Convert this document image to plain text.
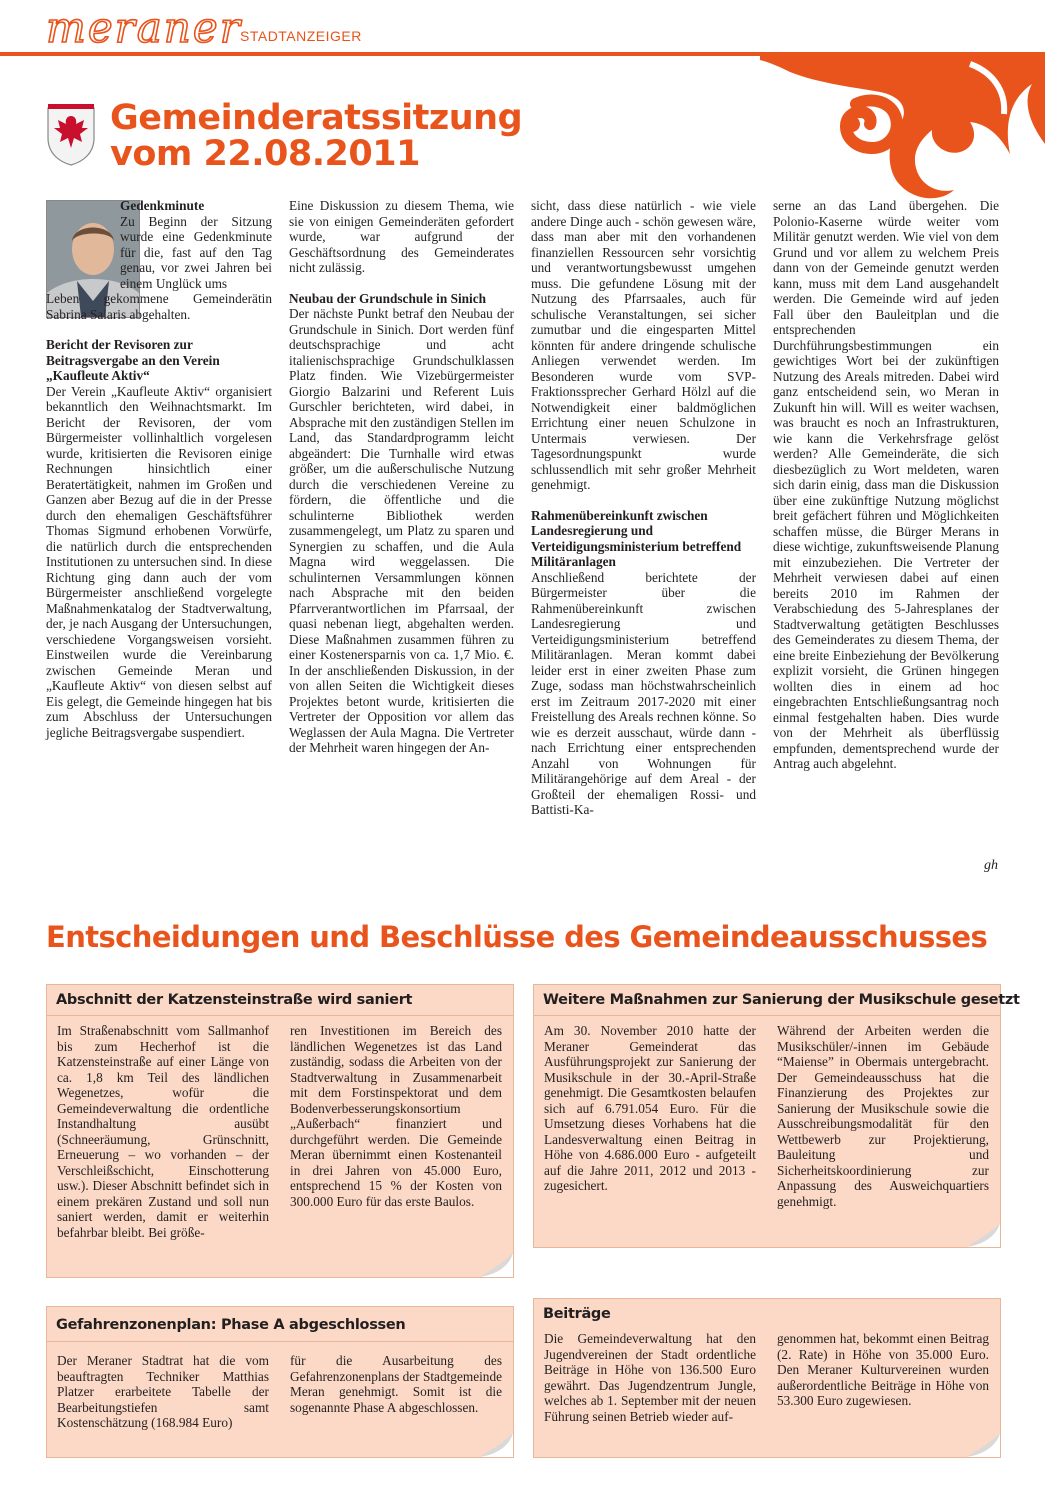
meraner
STADTANZEIGER
Gemeinderatssitzung
vom 22.08.2011
Gedenkminute

Zu Beginn der Sitzung wurde eine Gedenkminute für die, fast auf den Tag genau, vor zwei Jahren bei einem Unglück ums

Leben gekommene Gemeinderätin Sabrina Salaris abgehalten.

Bericht der Revisoren zur Beitragsvergabe an den Verein „Kaufleute Aktiv“

Der Verein „Kaufleute Aktiv“ organisiert bekanntlich den Weihnachtsmarkt. Im Bericht der Revisoren, der vom Bürgermeister vollinhaltlich vorgelesen wurde, kritisierten die Revisoren einige Rechnungen hinsichtlich einer Beratertätigkeit, nahmen im Großen und Ganzen aber Bezug auf die in der Presse durch den ehemaligen Geschäftsführer Thomas Sigmund erhobenen Vorwürfe, die natürlich durch die entsprechenden Institutionen zu untersuchen sind. In diese Richtung ging dann auch der vom Bürgermeister anschließend vorgelegte Maßnahmenkatalog der Stadtverwaltung, der, je nach Ausgang der Untersuchungen, verschiedene Vorgangsweisen vorsieht. Einstweilen wurde die Vereinbarung zwischen Gemeinde Meran und „Kaufleute Aktiv“ von diesen selbst auf Eis gelegt, die Gemeinde hingegen hat bis zum Abschluss der Untersuchungen jegliche Beitragsvergabe suspendiert.

Eine Diskussion zu diesem Thema, wie sie von einigen Gemeinderäten gefordert wurde, war aufgrund der Geschäftsordnung des Gemeinderates nicht zulässig.

Neubau der Grundschule in Sinich

Der nächste Punkt betraf den Neubau der Grundschule in Sinich. Dort werden fünf deutschsprachige und acht italienischsprachige Grundschulklassen Platz finden. Wie Vizebürgermeister Giorgio Balzarini und Referent Luis Gurschler berichteten, wird dabei, in Absprache mit den zuständigen Stellen im Land, das Standardprogramm leicht abgeändert: Die Turnhalle wird etwas größer, um die außerschulische Nutzung durch die verschiedenen Vereine zu fördern, die öffentliche und die schulinterne Bibliothek werden zusammengelegt, um Platz zu sparen und Synergien zu schaffen, und die Aula Magna wird weggelassen. Die schulinternen Versammlungen können nach Absprache mit den beiden Pfarrverantwortlichen im Pfarrsaal, der quasi nebenan liegt, abgehalten werden. Diese Maßnahmen zusammen führen zu einer Kostenersparnis von ca. 1,7 Mio. €. In der anschließenden Diskussion, in der von allen Seiten die Wichtigkeit dieses Projektes betont wurde, kritisierten die Vertreter der Opposition vor allem das Weglassen der Aula Magna. Die Vertreter der Mehrheit waren hingegen der An-

sicht, dass diese natürlich - wie viele andere Dinge auch - schön gewesen wäre, dass man aber mit den vorhandenen finanziellen Ressourcen sehr vorsichtig und verantwortungsbewusst umgehen muss. Die gefundene Lösung mit der Nutzung des Pfarrsaales, auch für schulische Veranstaltungen, sei sicher zumutbar und die eingesparten Mittel könnten für andere dringende schulische Anliegen verwendet werden. Im Besonderen wurde vom SVP-Fraktionssprecher Gerhard Hölzl auf die Notwendigkeit einer baldmöglichen Errichtung einer neuen Schulzone in Untermais verwiesen. Der Tagesordnungspunkt wurde schlussendlich mit sehr großer Mehrheit genehmigt.

Rahmenübereinkunft zwischen Landesregierung und Verteidigungsministerium betreffend Militäranlagen

Anschließend berichtete der Bürgermeister über die Rahmenübereinkunft zwischen Landesregierung und Verteidigungsministerium betreffend Militäranlagen. Meran kommt dabei leider erst in einer zweiten Phase zum Zuge, sodass man höchstwahrscheinlich erst im Zeitraum 2017-2020 mit einer Freistellung des Areals rechnen könne. So wie es derzeit ausschaut, würde dann - nach Errichtung einer entsprechenden Anzahl von Wohnungen für Militärangehörige auf dem Areal - der Großteil der ehemaligen Rossi- und Battisti-Ka-

serne an das Land übergehen. Die Polonio-Kaserne würde weiter vom Militär genutzt werden. Wie viel von dem Grund und vor allem zu welchem Preis dann von der Gemeinde genutzt werden kann, muss mit dem Land ausgehandelt werden. Die Gemeinde wird auf jeden Fall über den Bauleitplan und die entsprechenden Durchführungsbestimmungen ein gewichtiges Wort bei der zukünftigen Nutzung des Areals mitreden. Dabei wird ganz entscheidend sein, wo Meran in Zukunft hin will. Will es weiter wachsen, was braucht es noch an Infrastrukturen, wie kann die Verkehrsfrage gelöst werden? Alle Gemeinderäte, die sich diesbezüglich zu Wort meldeten, waren sich darin einig, dass man die Diskussion über eine zukünftige Nutzung möglichst breit gefächert führen und Möglichkeiten schaffen müsse, die Bürger Merans in diese wichtige, zukunftsweisende Planung mit einzubeziehen. Die Vertreter der Mehrheit verwiesen dabei auf einen bereits 2010 im Rahmen der Verabschiedung des 5-Jahresplanes der Stadtverwaltung getätigten Beschlusses des Gemeinderates zu diesem Thema, der eine breite Einbeziehung der Bevölkerung explizit vorsieht, die Grünen hingegen wollten dies in einem ad hoc eingebrachten Entschließungsantrag noch einmal festgehalten haben. Dies wurde von der Mehrheit als überflüssig empfunden, dementsprechend wurde der Antrag auch abgelehnt.

gh
Entscheidungen und Beschlüsse des Gemeindeausschusses
Abschnitt der Katzensteinstraße wird saniert
Im Straßenabschnitt vom Sallmanhof bis zum Hecherhof ist die Katzensteinstraße auf einer Länge von ca. 1,8 km Teil des ländlichen Wegenetzes, wofür die Gemeindeverwaltung die ordentliche Instandhaltung ausübt (Schneeräumung, Grünschnitt, Erneuerung – wo vorhanden – der Verschleißschicht, Einschotterung usw.). Dieser Abschnitt befindet sich in einem prekären Zustand und soll nun saniert werden, damit er weiterhin befahrbar bleibt. Bei größe-
ren Investitionen im Bereich des ländlichen Wegenetzes ist das Land zuständig, sodass die Arbeiten von der Stadtverwaltung in Zusammenarbeit mit dem Forstinspektorat und dem Bodenverbesserungskonsortium „Außerbach“ finanziert und durchgeführt werden. Die Gemeinde Meran übernimmt einen Kostenanteil in drei Jahren von 45.000 Euro, entsprechend 15 % der Kosten von 300.000 Euro für das erste Baulos.
Weitere Maßnahmen zur Sanierung der Musikschule gesetzt
Am 30. November 2010 hatte der Meraner Gemeinderat das Ausführungsprojekt zur Sanierung der Musikschule in der 30.-April-Straße genehmigt. Die Gesamtkosten belaufen sich auf 6.791.054 Euro. Für die Umsetzung dieses Vorhabens hat die Landesverwaltung einen Beitrag in Höhe von 4.686.000 Euro - aufgeteilt auf die Jahre 2011, 2012 und 2013 - zugesichert.
Während der Arbeiten werden die Musikschüler/-innen im Gebäude “Maiense” in Obermais untergebracht. Der Gemeindeausschuss hat die Finanzierung des Projektes zur Sanierung der Musikschule sowie die Ausschreibungsmodalität für den Wettbewerb zur Projektierung, Bauleitung und Sicherheitskoordinierung zur Anpassung des Ausweichquartiers genehmigt.
Gefahrenzonenplan: Phase A abgeschlossen
Der Meraner Stadtrat hat die vom beauftragten Techniker Matthias Platzer erarbeitete Tabelle der Bearbeitungstiefen samt Kostenschätzung (168.984 Euro)
für die Ausarbeitung des Gefahrenzonenplans der Stadtgemeinde Meran genehmigt. Somit ist die sogenannte Phase A abgeschlossen.
Beiträge
Die Gemeindeverwaltung hat den Jugendvereinen der Stadt ordentliche Beiträge in Höhe von 136.500 Euro gewährt. Das Jugendzentrum Jungle, welches ab 1. September mit der neuen Führung seinen Betrieb wieder auf-
genommen hat, bekommt einen Beitrag (2. Rate) in Höhe von 35.000 Euro. Den Meraner Kulturvereinen wurden außerordentliche Beiträge in Höhe von 53.300 Euro zugewiesen.
